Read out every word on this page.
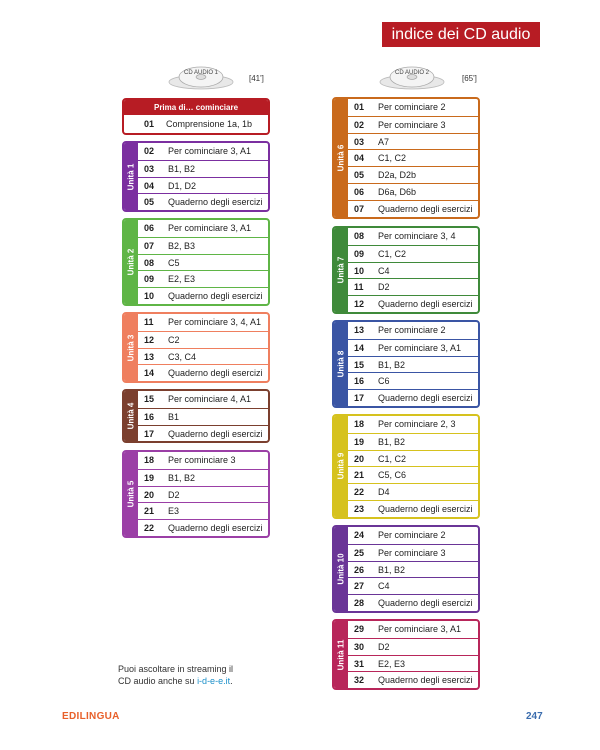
indice dei CD audio
CD AUDIO 1
[41']
CD AUDIO 2
[65']
Prima di… cominciare
01 Comprensione 1a, 1b
Unità 1
02 Per cominciare 3, A1
03 B1, B2
04 D1, D2
05 Quaderno degli esercizi
Unità 2
06 Per cominciare 3, A1
07 B2, B3
08 C5
09 E2, E3
10 Quaderno degli esercizi
Unità 3
11 Per cominciare 3, 4, A1
12 C2
13 C3, C4
14 Quaderno degli esercizi
Unità 4
15 Per cominciare 4, A1
16 B1
17 Quaderno degli esercizi
Unità 5
18 Per cominciare 3
19 B1, B2
20 D2
21 E3
22 Quaderno degli esercizi
Unità 6
01 Per cominciare 2
02 Per cominciare 3
03 A7
04 C1, C2
05 D2a, D2b
06 D6a, D6b
07 Quaderno degli esercizi
Unità 7
08 Per cominciare 3, 4
09 C1, C2
10 C4
11 D2
12 Quaderno degli esercizi
Unità 8
13 Per cominciare 2
14 Per cominciare 3, A1
15 B1, B2
16 C6
17 Quaderno degli esercizi
Unità 9
18 Per cominciare 2, 3
19 B1, B2
20 C1, C2
21 C5, C6
22 D4
23 Quaderno degli esercizi
Unità 10
24 Per cominciare 2
25 Per cominciare 3
26 B1, B2
27 C4
28 Quaderno degli esercizi
Unità 11
29 Per cominciare 3, A1
30 D2
31 E2, E3
32 Quaderno degli esercizi
Puoi ascoltare in streaming il
CD audio anche su i-d-e-e.it.
EDILINGUA	247
